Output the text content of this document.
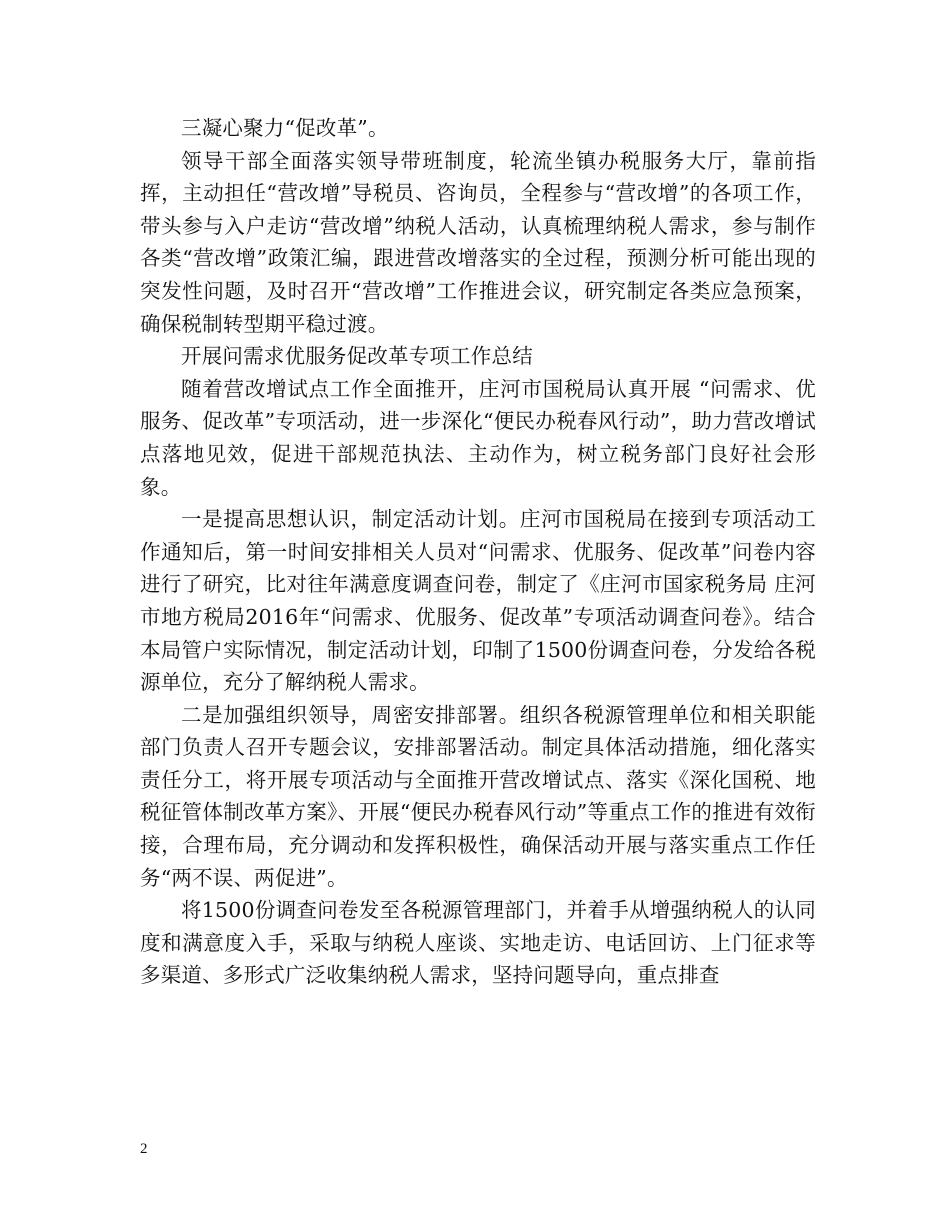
三凝心聚力“促改革”。

领导干部全面落实领导带班制度，轮流坐镇办税服务大厅，靠前指挥，主动担任“营改增”导税员、咨询员，全程参与“营改增”的各项工作，带头参与入户走访“营改增”纳税人活动，认真梳理纳税人需求，参与制作各类“营改增”政策汇编，跟进营改增落实的全过程，预测分析可能出现的突发性问题，及时召开“营改增”工作推进会议，研究制定各类应急预案，确保税制转型期平稳过渡。

开展问需求优服务促改革专项工作总结

随着营改增试点工作全面推开，庄河市国税局认真开展 “问需求、优服务、促改革”专项活动，进一步深化“便民办税春风行动”，助力营改增试点落地见效，促进干部规范执法、主动作为，树立税务部门良好社会形象。

一是提高思想认识，制定活动计划。庄河市国税局在接到专项活动工作通知后，第一时间安排相关人员对“问需求、优服务、促改革”问卷内容进行了研究，比对往年满意度调查问卷，制定了《庄河市国家税务局 庄河市地方税局2016年“问需求、优服务、促改革”专项活动调查问卷》。结合本局管户实际情况，制定活动计划，印制了1500份调查问卷，分发给各税源单位，充分了解纳税人需求。

二是加强组织领导，周密安排部署。组织各税源管理单位和相关职能部门负责人召开专题会议，安排部署活动。制定具体活动措施，细化落实责任分工，将开展专项活动与全面推开营改增试点、落实《深化国税、地税征管体制改革方案》、开展“便民办税春风行动”等重点工作的推进有效衔接，合理布局，充分调动和发挥积极性，确保活动开展与落实重点工作任务“两不误、两促进”。

将1500份调查问卷发至各税源管理部门，并着手从增强纳税人的认同度和满意度入手，采取与纳税人座谈、实地走访、电话回访、上门征求等多渠道、多形式广泛收集纳税人需求，坚持问题导向，重点排查

2
